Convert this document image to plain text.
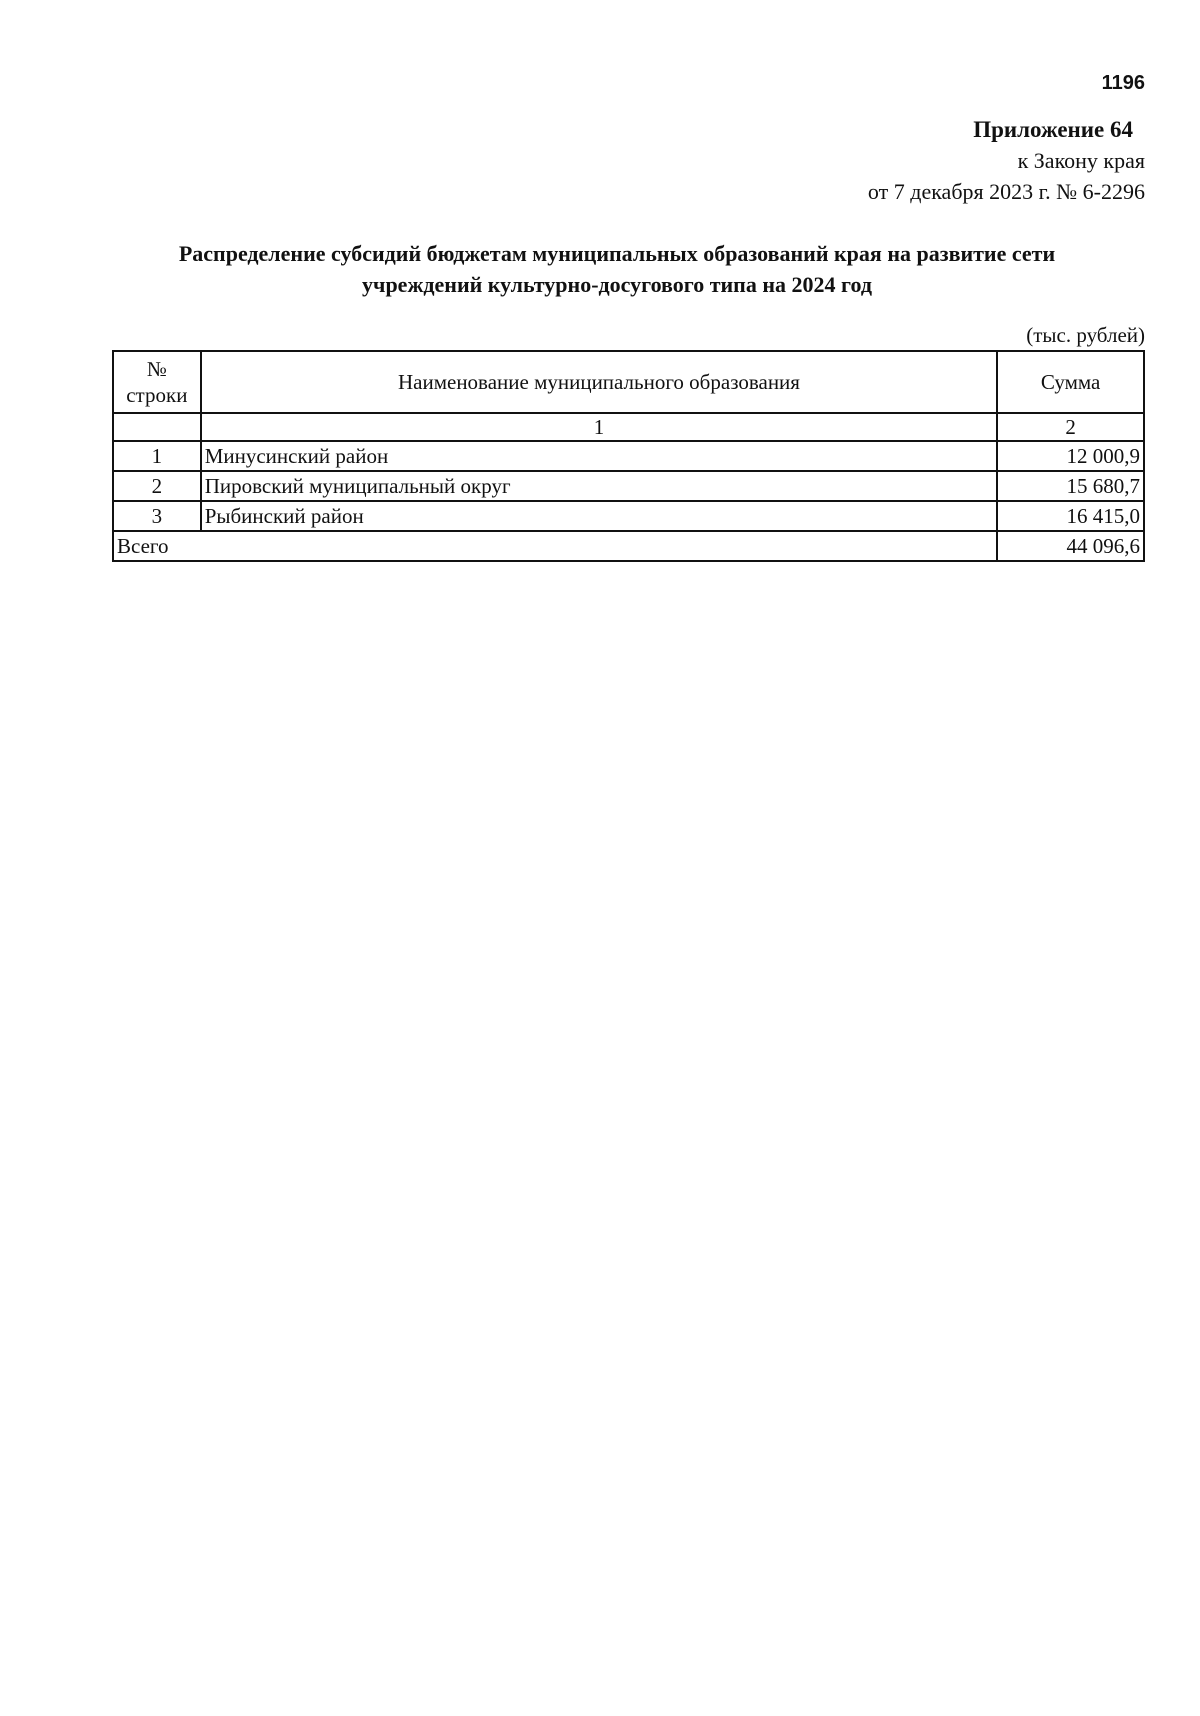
1196
Приложение 64
к Закону края
от 7 декабря 2023 г. № 6-2296
Распределение субсидий бюджетам муниципальных образований края на развитие сети
учреждений культурно-досугового типа на 2024 год
(тыс. рублей)
№
строки	Наименование муниципального образования	Сумма
	1	2
1	Минусинский район	12 000,9
2	Пировский муниципальный округ	15 680,7
3	Рыбинский район	16 415,0
Всего		44 096,6
